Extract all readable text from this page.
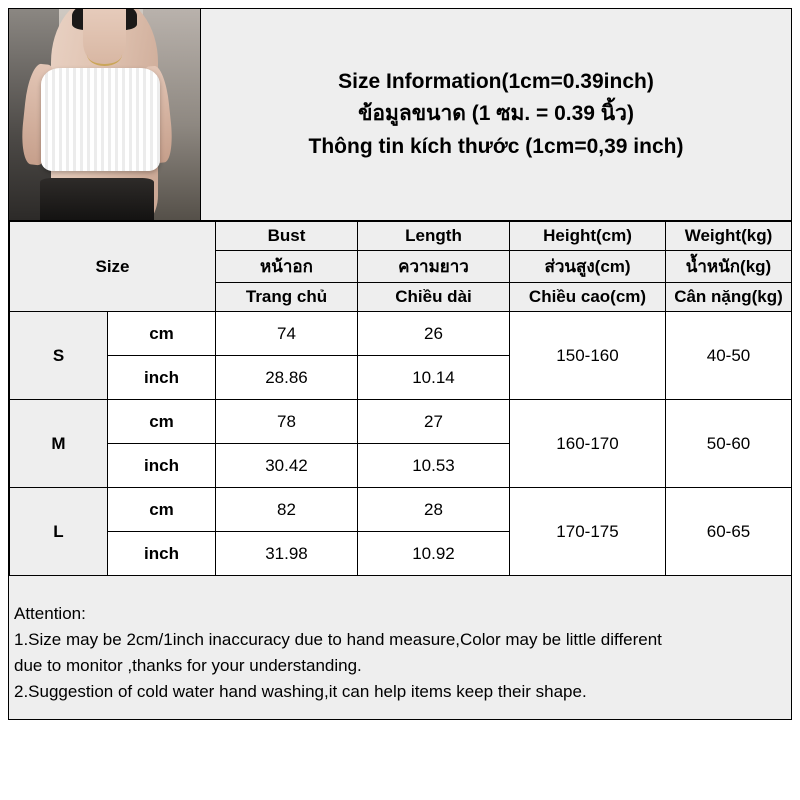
Size Information(1cm=0.39inch)
ข้อมูลขนาด (1 ซม. = 0.39 นิ้ว)
Thông tin kích thước (1cm=0,39 inch)
Size		Bust	Length	Height(cm)	Weight(kg)
		หน้าอก	ความยาว	ส่วนสูง(cm)	น้ำหนัก(kg)
		Trang chủ	Chiều dài	Chiều cao(cm)	Cân nặng(kg)
S	cm	74	26	150-160	40-50
	inch	28.86	10.14		
M	cm	78	27	160-170	50-60
	inch	30.42	10.53		
L	cm	82	28	170-175	60-65
	inch	31.98	10.92		

Attention:

1.Size may be 2cm/1inch inaccuracy due to hand measure,Color may be little different

due to monitor ,thanks for your understanding.

2.Suggestion of cold water hand washing,it can help items keep their shape.
